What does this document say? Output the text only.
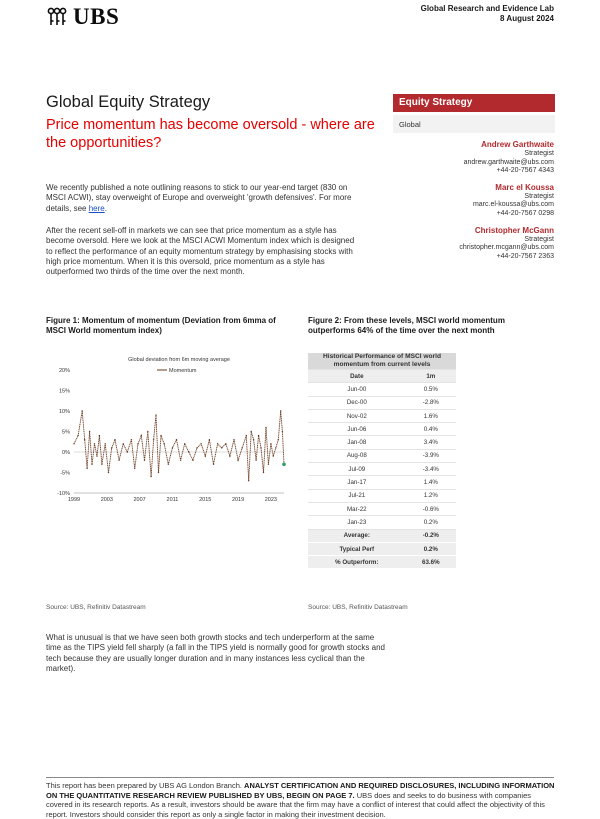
UBS	Global Research and Evidence Lab
8 August 2024
Global Equity Strategy
Price momentum has become oversold - where are the opportunities?
Equity Strategy
Global
Andrew Garthwaite
Strategist
andrew.garthwaite@ubs.com
+44-20-7567 4343
Marc el Koussa
Strategist
marc.el-koussa@ubs.com
+44-20-7567 0298
Christopher McGann
Strategist
christopher.mcgann@ubs.com
+44-20-7567 2363
We recently published a note outlining reasons to stick to our year-end target (830 on MSCI ACWI), stay overweight of Europe and overweight 'growth defensives'. For more details, see here.
After the recent sell-off in markets we can see that price momentum as a style has become oversold. Here we look at the MSCI ACWI Momentum index which is designed to reflect the performance of an equity momentum strategy by emphasising stocks with high price momentum. When it is this oversold, price momentum as a style has outperformed two thirds of the time over the next month.
Figure 1: Momentum of momentum (Deviation from 6mma of MSCI World momentum index)
Global deviation from 6m moving average
Momentum
20%
15%
10%
5%
0%
-5%
-10%
1999	2003	2007	2011	2015	2019	2023
Source: UBS, Refinitiv Datastream
Figure 2: From these levels, MSCI world momentum outperforms 64% of the time over the next month
Historical Performance of MSCI world momentum from current levels	
Date	1m
Jun-00	0.5%
Dec-00	-2.8%
Nov-02	1.6%
Jun-06	0.4%
Jan-08	3.4%
Aug-08	-3.9%
Jul-09	-3.4%
Jan-17	1.4%
Jul-21	1.2%
Mar-22	-0.6%
Jan-23	0.2%
Average:	-0.2%
Typical Perf	0.2%
% Outperform:	63.6%
Source: UBS, Refinitiv Datastream
What is unusual is that we have seen both growth stocks and tech underperform at the same time as the TIPS yield fell sharply (a fall in the TIPS yield is normally good for growth stocks and tech because they are usually longer duration and in many instances less cyclical than the market).
This report has been prepared by UBS AG London Branch. ANALYST CERTIFICATION AND REQUIRED DISCLOSURES, INCLUDING INFORMATION ON THE QUANTITATIVE RESEARCH REVIEW PUBLISHED BY UBS, BEGIN ON PAGE 7. UBS does and seeks to do business with companies covered in its research reports. As a result, investors should be aware that the firm may have a conflict of interest that could affect the objectivity of this report. Investors should consider this report as only a single factor in making their investment decision.
